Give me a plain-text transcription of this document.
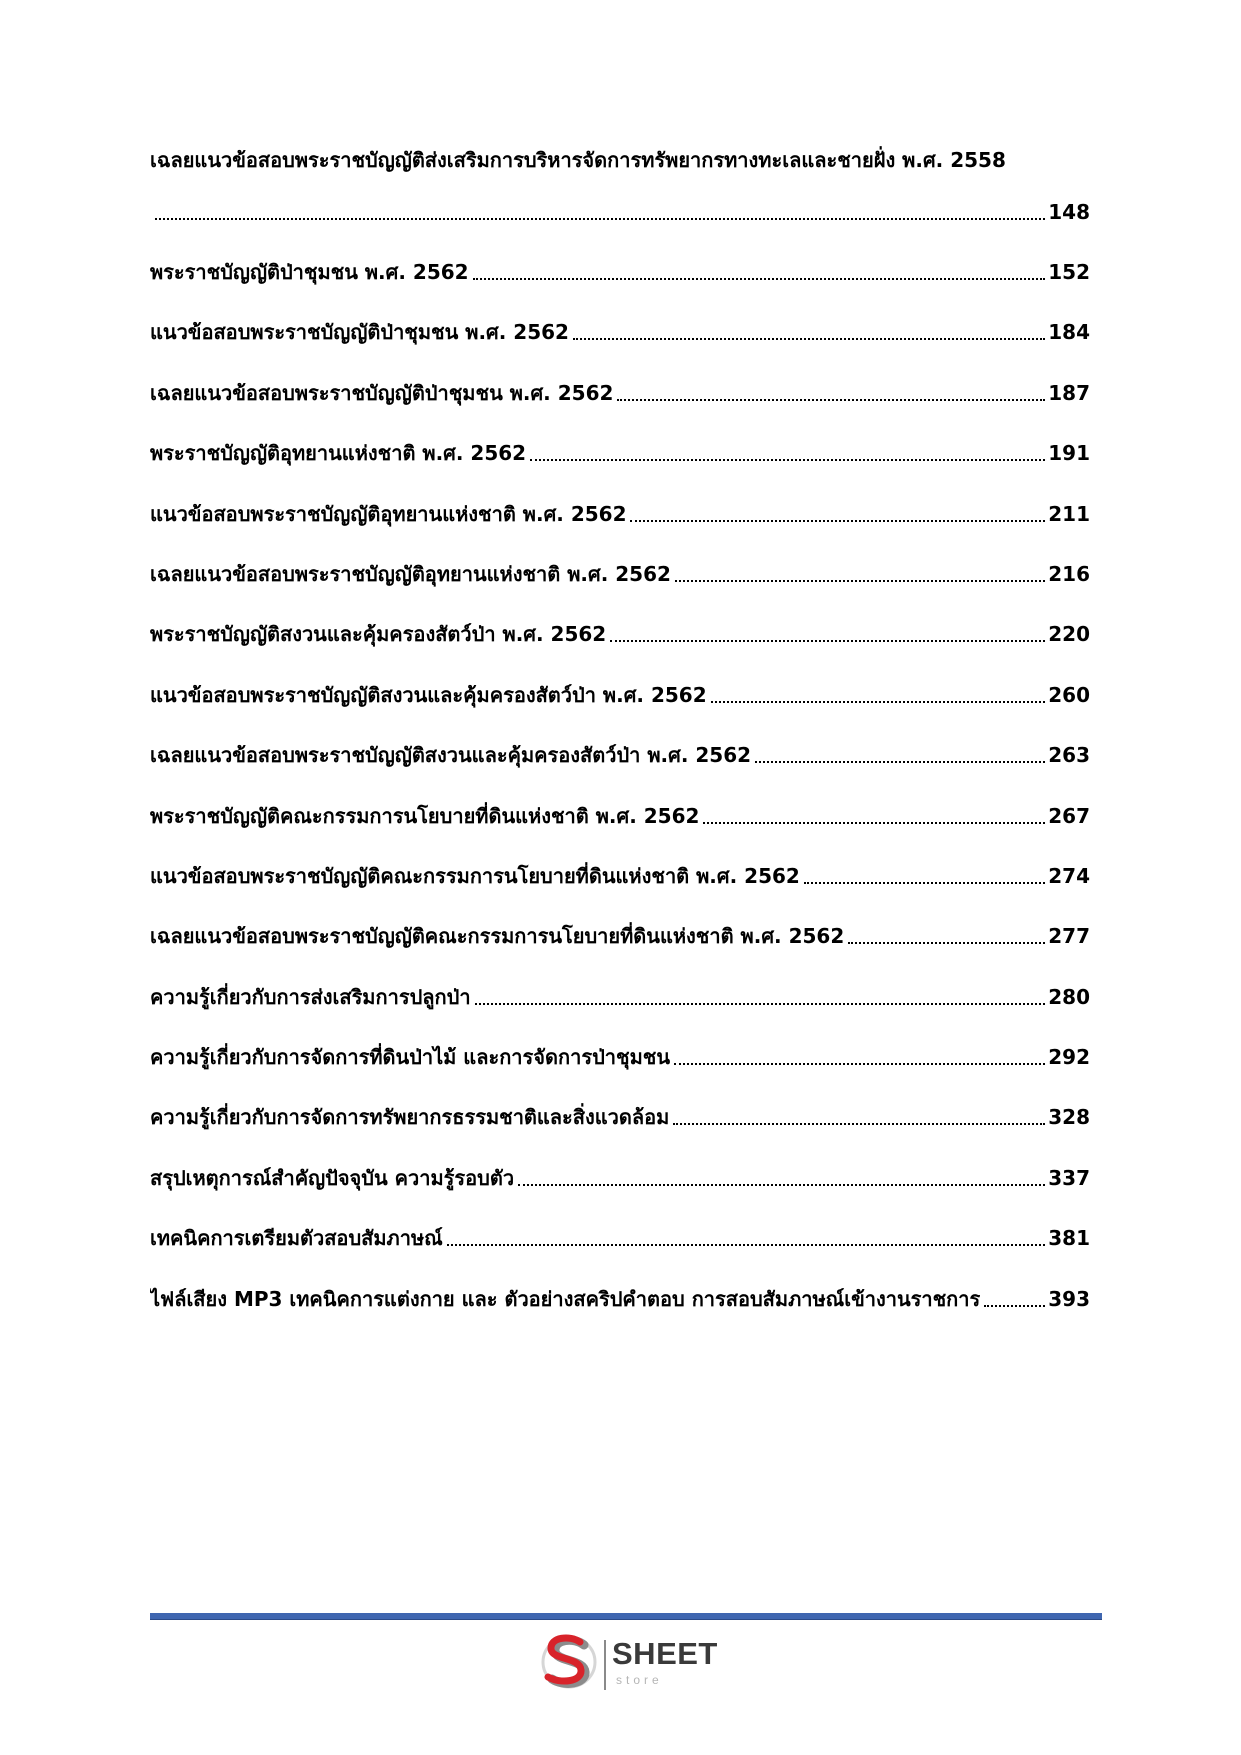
เฉลยแนวข้อสอบพระราชบัญญัติส่งเสริมการบริหารจัดการทรัพยากรทางทะเลและชายฝั่ง พ.ศ. 2558
148
พระราชบัญญัติป่าชุมชน พ.ศ. 2562	152
แนวข้อสอบพระราชบัญญัติป่าชุมชน พ.ศ. 2562	184
เฉลยแนวข้อสอบพระราชบัญญัติป่าชุมชน พ.ศ. 2562	187
พระราชบัญญัติอุทยานแห่งชาติ พ.ศ. 2562	191
แนวข้อสอบพระราชบัญญัติอุทยานแห่งชาติ พ.ศ. 2562	211
เฉลยแนวข้อสอบพระราชบัญญัติอุทยานแห่งชาติ พ.ศ. 2562	216
พระราชบัญญัติสงวนและคุ้มครองสัตว์ป่า พ.ศ. 2562	220
แนวข้อสอบพระราชบัญญัติสงวนและคุ้มครองสัตว์ป่า พ.ศ. 2562	260
เฉลยแนวข้อสอบพระราชบัญญัติสงวนและคุ้มครองสัตว์ป่า พ.ศ. 2562	263
พระราชบัญญัติคณะกรรมการนโยบายที่ดินแห่งชาติ พ.ศ. 2562	267
แนวข้อสอบพระราชบัญญัติคณะกรรมการนโยบายที่ดินแห่งชาติ พ.ศ. 2562	274
เฉลยแนวข้อสอบพระราชบัญญัติคณะกรรมการนโยบายที่ดินแห่งชาติ พ.ศ. 2562	277
ความรู้เกี่ยวกับการส่งเสริมการปลูกป่า	280
ความรู้เกี่ยวกับการจัดการที่ดินป่าไม้ และการจัดการป่าชุมชน	292
ความรู้เกี่ยวกับการจัดการทรัพยากรธรรมชาติและสิ่งแวดล้อม	328
สรุปเหตุการณ์สำคัญปัจจุบัน ความรู้รอบตัว	337
เทคนิคการเตรียมตัวสอบสัมภาษณ์	381
ไฟล์เสียง MP3 เทคนิคการแต่งกาย และ ตัวอย่างสคริปคำตอบ การสอบสัมภาษณ์เข้างานราชการ	393
SHEET
store
